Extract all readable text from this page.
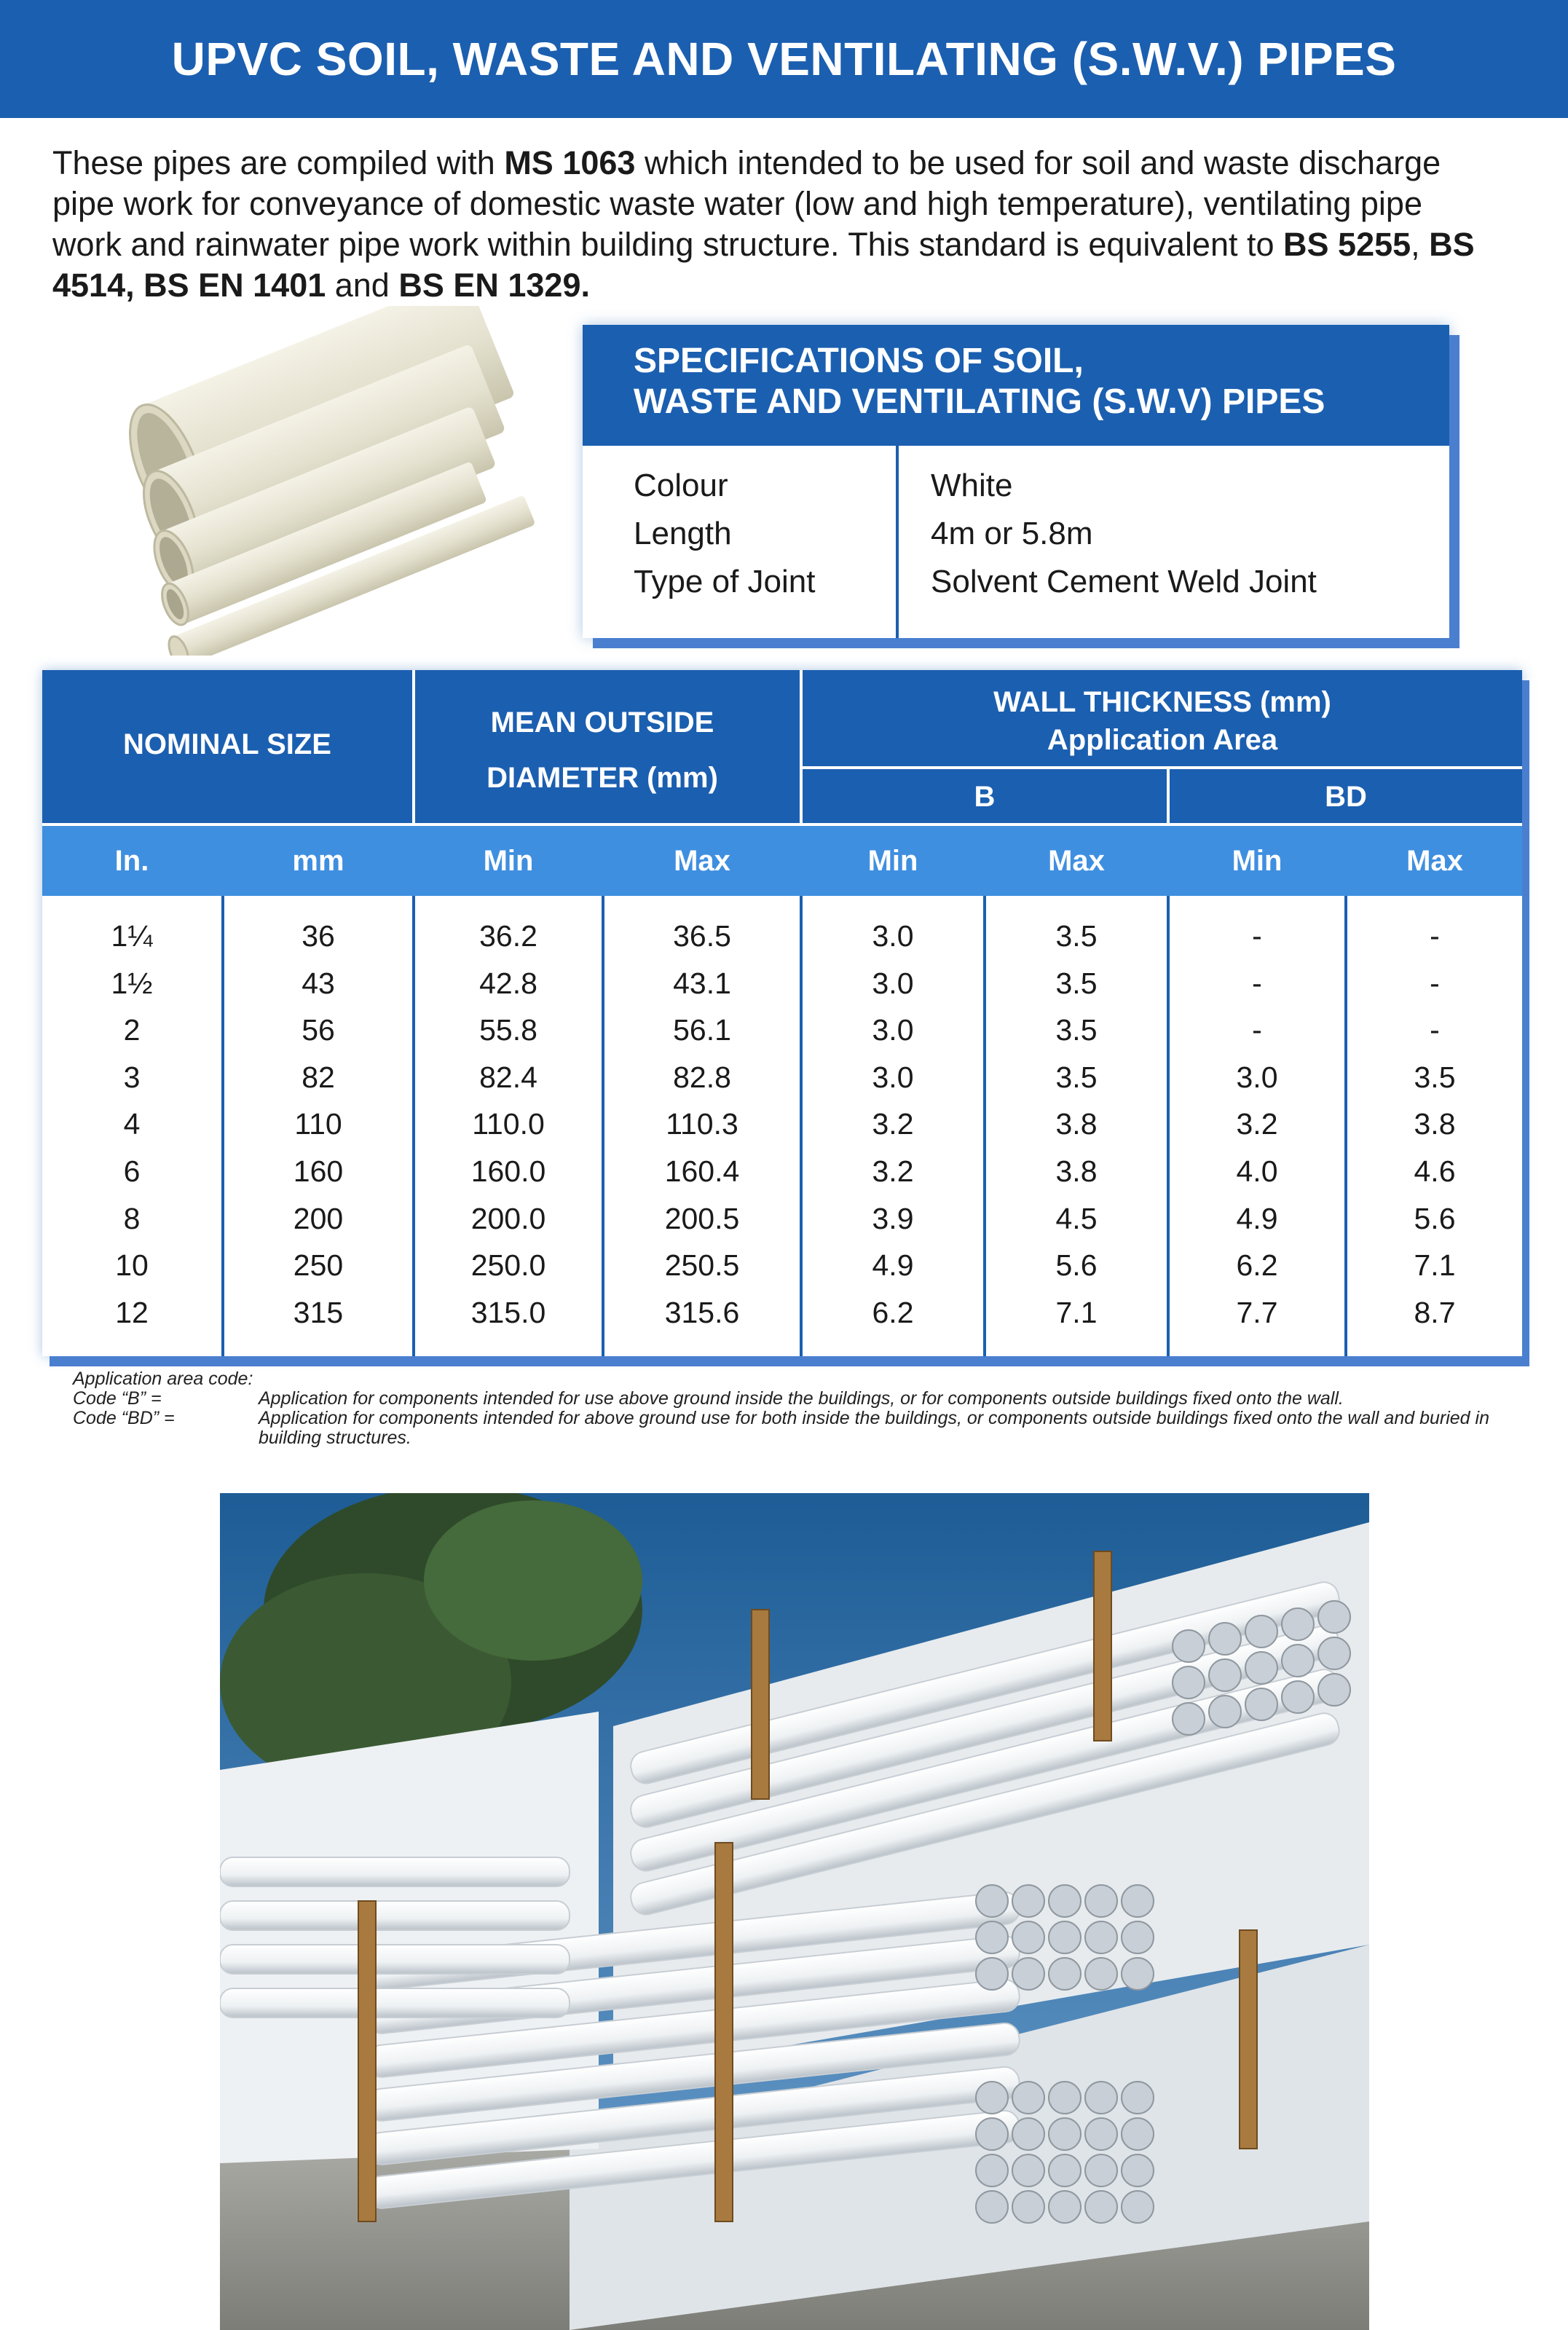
UPVC SOIL, WASTE AND VENTILATING (S.W.V.) PIPES
These pipes are compiled with MS 1063 which intended to be used for soil and waste discharge pipe work for conveyance of domestic waste water (low and high temperature), ventilating pipe work and rainwater pipe work within building structure. This standard is equivalent to BS 5255, BS 4514, BS EN 1401 and BS EN 1329.
SPECIFICATIONS OF SOIL,
WASTE AND VENTILATING (S.W.V) PIPES
Colour	White
Length	4m or 5.8m
Type of Joint	Solvent Cement Weld Joint
NOMINAL SIZE
MEAN OUTSIDE
DIAMETER (mm)
WALL THICKNESS (mm)
Application Area
B	BD
In.	mm	Min	Max	Min	Max	Min	Max
1¼	36	36.2	36.5	3.0	3.5	-	-
1½	43	42.8	43.1	3.0	3.5	-	-
2	56	55.8	56.1	3.0	3.5	-	-
3	82	82.4	82.8	3.0	3.5	3.0	3.5
4	110	110.0	110.3	3.2	3.8	3.2	3.8
6	160	160.0	160.4	3.2	3.8	4.0	4.6
8	200	200.0	200.5	3.9	4.5	4.9	5.6
10	250	250.0	250.5	4.9	5.6	6.2	7.1
12	315	315.0	315.6	6.2	7.1	7.7	8.7
Application area code:
Code “B” =	Application for components intended for use above ground inside the buildings, or for components outside buildings fixed onto the wall.
Code “BD” =	Application for components intended for above ground use for both inside the buildings, or components outside buildings fixed onto the wall and buried in building structures.
